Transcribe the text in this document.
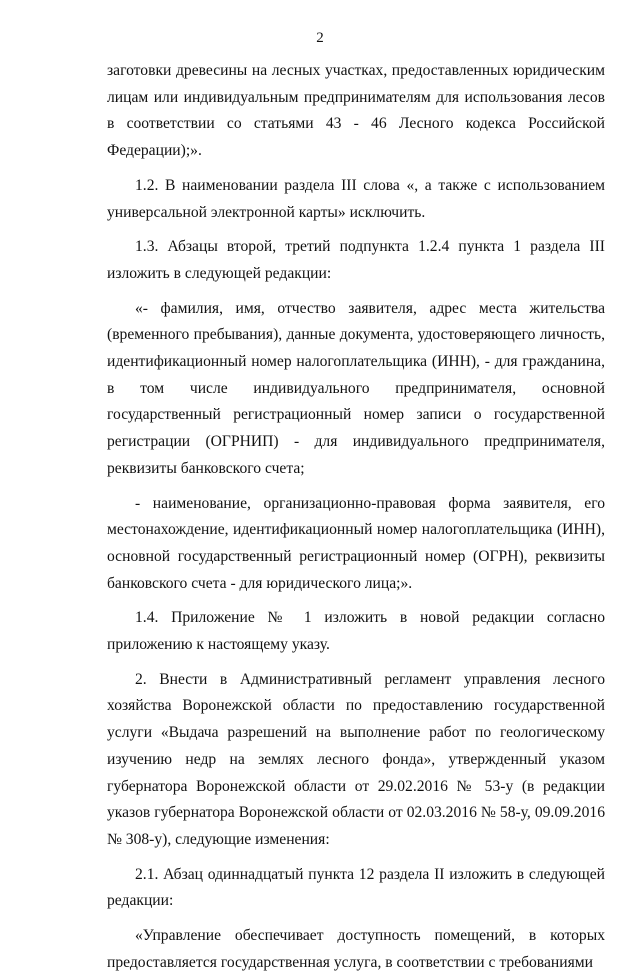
2

заготовки древесины на лесных участках, предоставленных юридическим лицам или индивидуальным предпринимателям для использования лесов в соответствии со статьями 43 - 46 Лесного кодекса Российской Федерации);».

1.2. В наименовании раздела III слова «, а также с использованием универсальной электронной карты» исключить.

1.3. Абзацы второй, третий подпункта 1.2.4 пункта 1 раздела III изложить в следующей редакции:

«- фамилия, имя, отчество заявителя, адрес места жительства (временного пребывания), данные документа, удостоверяющего личность, идентификационный номер налогоплательщика (ИНН), - для гражданина, в том числе индивидуального предпринимателя, основной государственный регистрационный номер записи о государственной регистрации (ОГРНИП) - для индивидуального предпринимателя, реквизиты банковского счета;

- наименование, организационно-правовая форма заявителя, его местонахождение, идентификационный номер налогоплательщика (ИНН), основной государственный регистрационный номер (ОГРН), реквизиты банковского счета - для юридического лица;».

1.4. Приложение № 1 изложить в новой редакции согласно приложению к настоящему указу.

2. Внести в Административный регламент управления лесного хозяйства Воронежской области по предоставлению государственной услуги «Выдача разрешений на выполнение работ по геологическому изучению недр на землях лесного фонда», утвержденный указом губернатора Воронежской области от 29.02.2016 № 53-у (в редакции указов губернатора Воронежской области от 02.03.2016 № 58-у, 09.09.2016 № 308-у), следующие изменения:

2.1. Абзац одиннадцатый пункта 12 раздела II изложить в следующей редакции:

«Управление обеспечивает доступность помещений, в которых предоставляется государственная услуга, в соответствии с требованиями
